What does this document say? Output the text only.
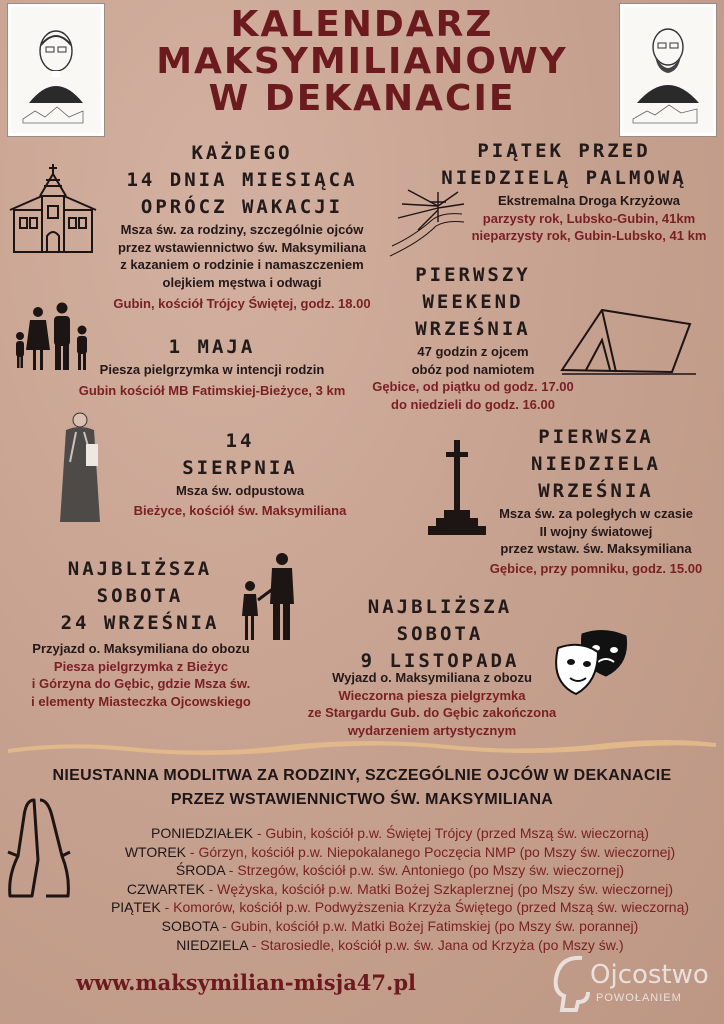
KALENDARZ
MAKSYMILIANOWY
W DEKANACIE
KAŻDEGO
14 DNIA MIESIĄCA
OPRÓCZ WAKACJI
Msza św. za rodziny, szczególnie ojców
przez wstawiennictwo św. Maksymiliana
z kazaniem o rodzinie i namaszczeniem
olejkiem męstwa i odwagi
Gubin, kościół Trójcy Świętej, godz. 18.00
PIĄTEK PRZED
NIEDZIELĄ PALMOWĄ
Ekstremalna Droga Krzyżowa
parzysty rok, Lubsko-Gubin, 41km
nieparzysty rok, Gubin-Lubsko, 41 km
1 MAJA
Piesza pielgrzymka w intencji rodzin
Gubin kościół MB Fatimskiej-Bieżyce, 3 km
PIERWSZY
WEEKEND
WRZEŚNIA
47 godzin z ojcem
obóz pod namiotem
Gębice, od piątku od godz. 17.00
do niedzieli do godz. 16.00
14
SIERPNIA
Msza św. odpustowa
Bieżyce, kościół św. Maksymiliana
PIERWSZA
NIEDZIELA
WRZEŚNIA
Msza św. za poległych w czasie
II wojny światowej
przez wstaw. św. Maksymiliana
Gębice, przy pomniku, godz. 15.00
NAJBLIŻSZA
SOBOTA
24 WRZEŚNIA
Przyjazd o. Maksymiliana do obozu
Piesza pielgrzymka z Bieżyc
i Górzyna do Gębic, gdzie Msza św.
i elementy Miasteczka Ojcowskiego
NAJBLIŻSZA
SOBOTA
9 LISTOPADA
Wyjazd o. Maksymiliana z obozu
Wieczorna piesza pielgrzymka
ze Stargardu Gub. do Gębic zakończona
wydarzeniem artystycznym
NIEUSTANNA MODLITWA ZA RODZINY, SZCZEGÓLNIE OJCÓW W DEKANACIE
PRZEZ WSTAWIENNICTWO ŚW. MAKSYMILIANA
PONIEDZIAŁEK - Gubin, kościół p.w. Świętej Trójcy (przed Mszą św. wieczorną)
WTOREK - Górzyn, kościół p.w. Niepokalanego Poczęcia NMP (po Mszy św. wieczornej)
ŚRODA - Strzegów, kościół p.w. św. Antoniego (po Mszy św. wieczornej)
CZWARTEK - Wężyska, kościół p.w. Matki Bożej Szkaplerznej (po Mszy św. wieczornej)
PIĄTEK - Komorów, kościół p.w. Podwyższenia Krzyża Świętego (przed Mszą św. wieczorną)
SOBOTA - Gubin, kościół p.w. Matki Bożej Fatimskiej (po Mszy św. porannej)
NIEDZIELA - Starosiedle, kościół p.w. św. Jana od Krzyża (po Mszy św.)
www.maksymilian-misja47.pl	Ojcostwo
POWOŁANIEM
